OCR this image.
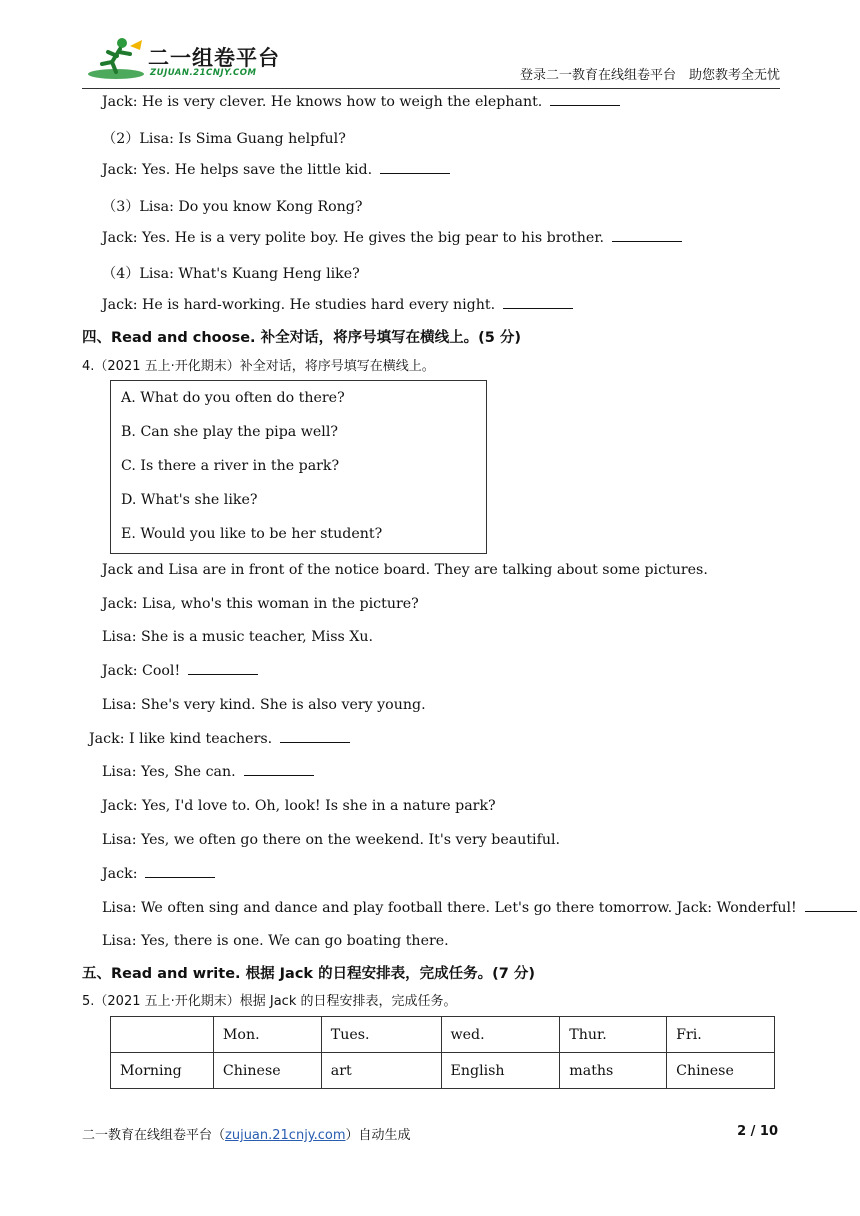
二一组卷平台
ZUJUAN.21CNJY.COM	登录二一教育在线组卷平台　助您教考全无忧
Jack: He is very clever. He knows how to weigh the elephant.
（2）Lisa: Is Sima Guang helpful?
Jack: Yes. He helps save the little kid.
（3）Lisa: Do you know Kong Rong?
Jack: Yes. He is a very polite boy. He gives the big pear to his brother.
（4）Lisa: What's Kuang Heng like?
Jack: He is hard-working. He studies hard every night.
四、Read and choose. 补全对话，将序号填写在横线上。(5 分)
4.（2021 五上·开化期末）补全对话，将序号填写在横线上。
A. What do you often do there?
B. Can she play the pipa well?
C. Is there a river in the park?
D. What's she like?
E. Would you like to be her student?
Jack and Lisa are in front of the notice board. They are talking about some pictures.
Jack: Lisa, who's this woman in the picture?
Lisa: She is a music teacher, Miss Xu.
Jack: Cool!
Lisa: She's very kind. She is also very young.
Jack: I like kind teachers.
Lisa: Yes, She can.
Jack: Yes, I'd love to. Oh, look! Is she in a nature park?
Lisa: Yes, we often go there on the weekend. It's very beautiful.
Jack:
Lisa: We often sing and dance and play football there. Let's go there tomorrow. Jack: Wonderful!
Lisa: Yes, there is one. We can go boating there.
五、Read and write. 根据 Jack 的日程安排表，完成任务。(7 分)
5.（2021 五上·开化期末）根据 Jack 的日程安排表，完成任务。
	Mon.	Tues.	wed.	Thur.	Fri.
Morning	Chinese	art	English	maths	Chinese
二一教育在线组卷平台（zujuan.21cnjy.com）自动生成	2 / 10
